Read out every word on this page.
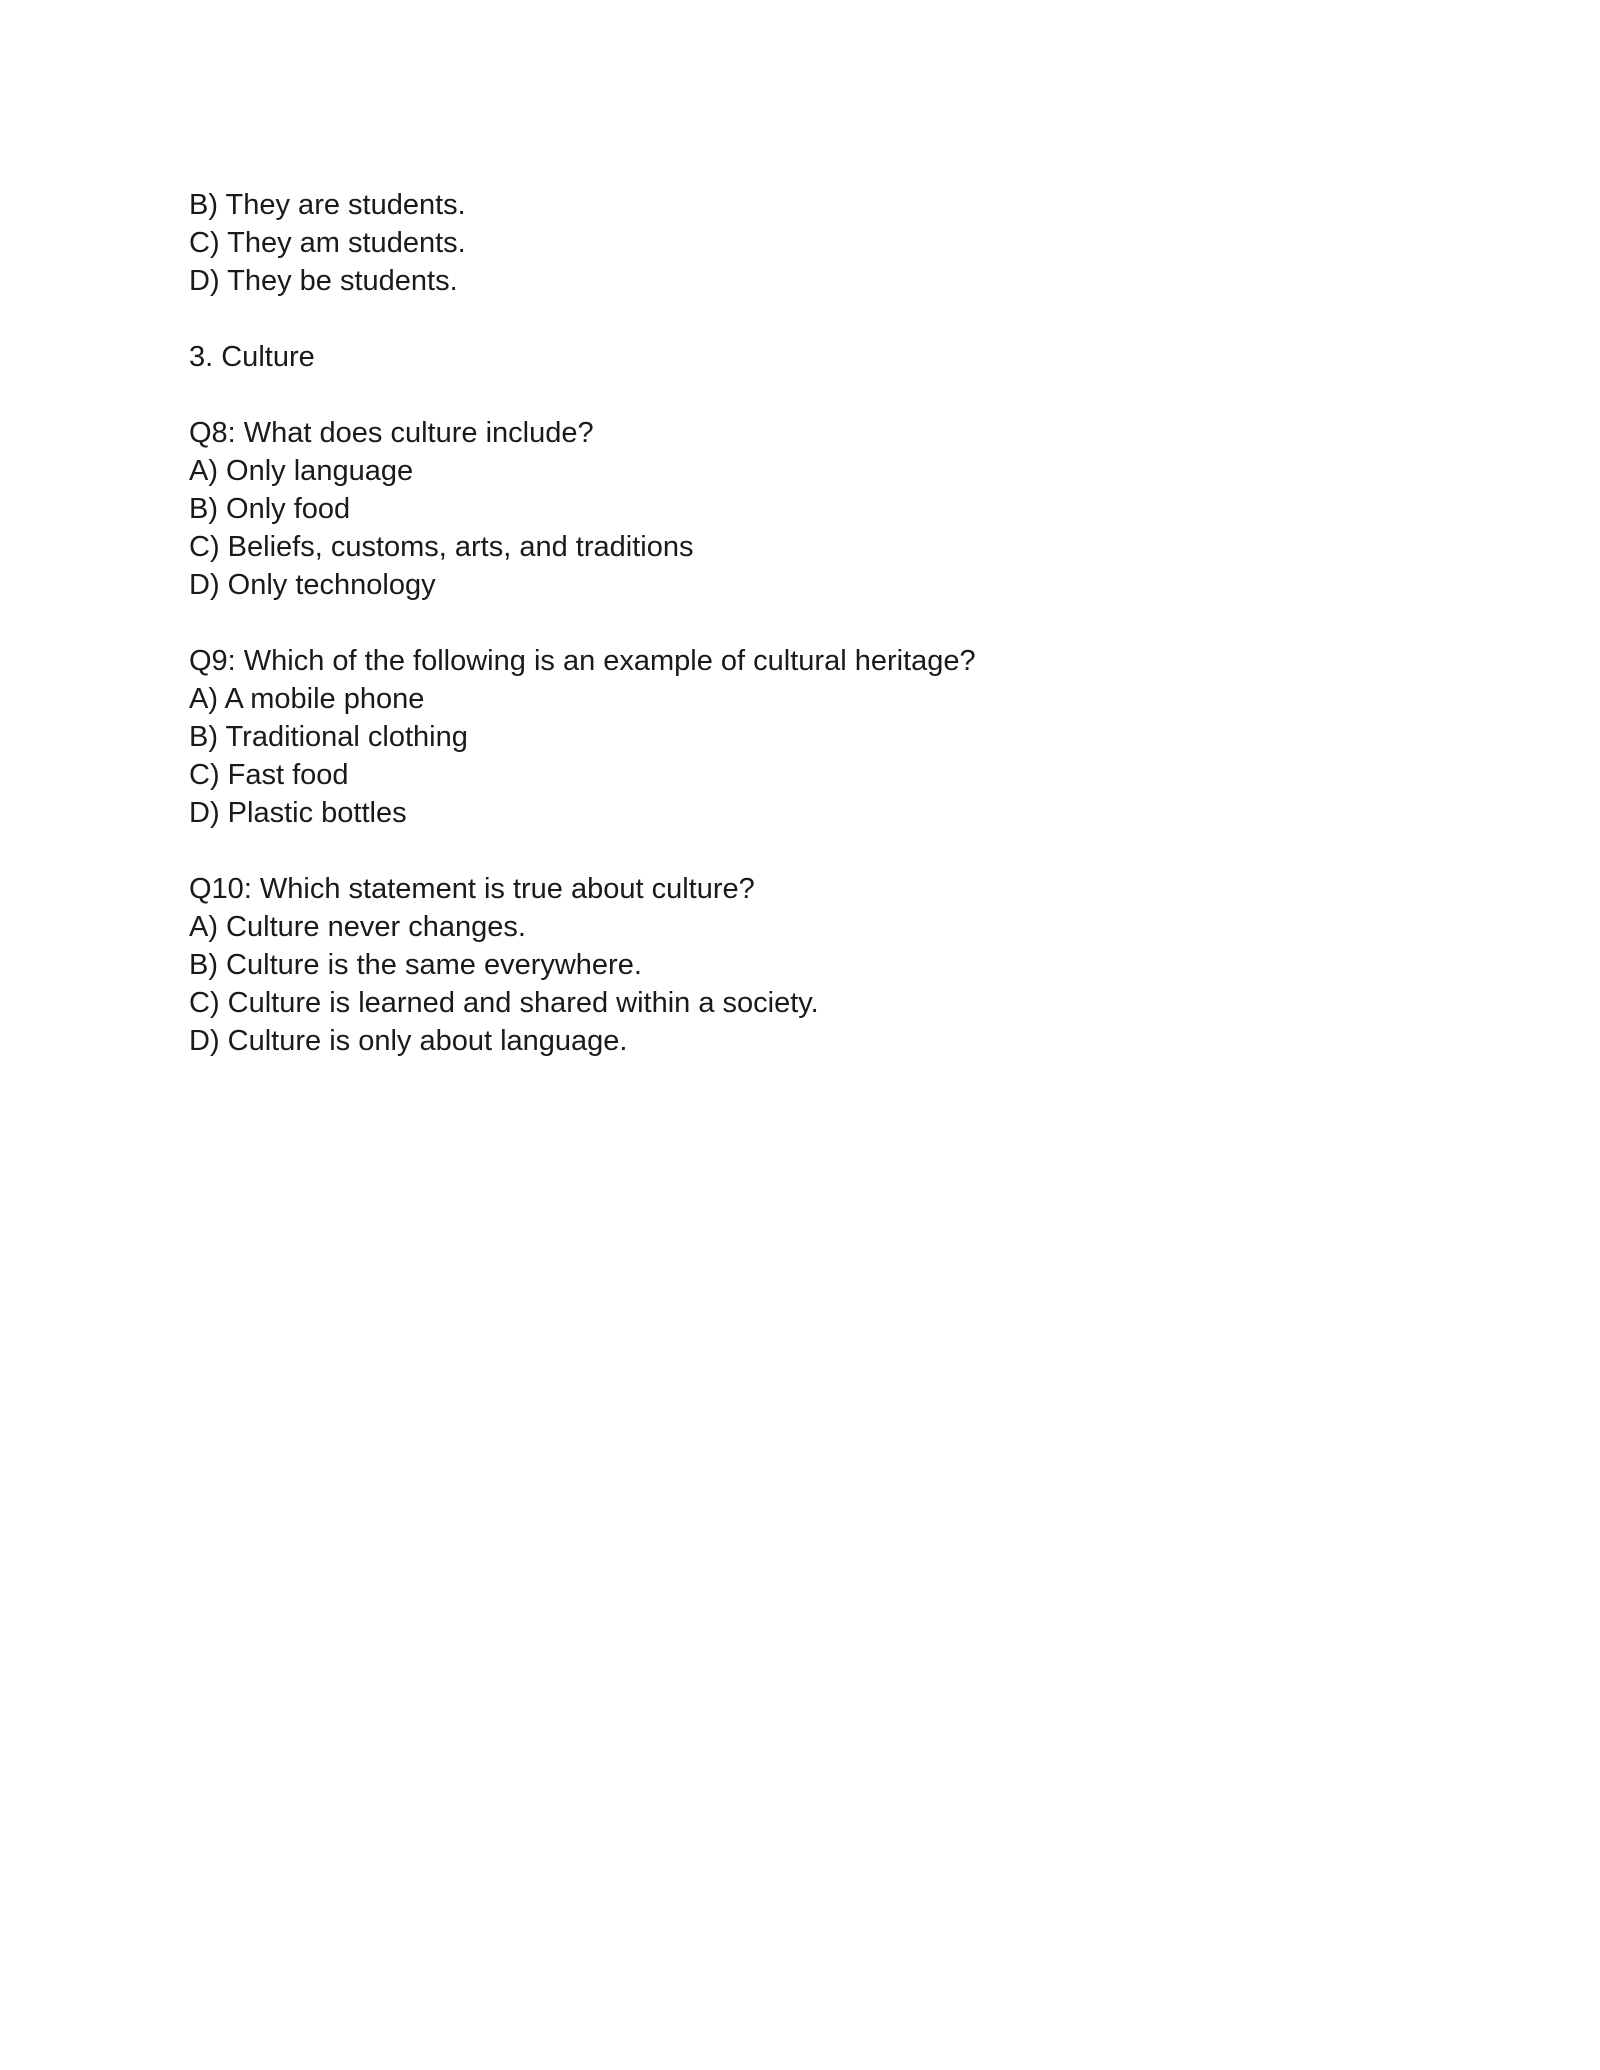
B) They are students.
C) They am students.
D) They be students.
3. Culture
Q8: What does culture include?
A) Only language
B) Only food
C) Beliefs, customs, arts, and traditions
D) Only technology
Q9: Which of the following is an example of cultural heritage?
A) A mobile phone
B) Traditional clothing
C) Fast food
D) Plastic bottles
Q10: Which statement is true about culture?
A) Culture never changes.
B) Culture is the same everywhere.
C) Culture is learned and shared within a society.
D) Culture is only about language.
